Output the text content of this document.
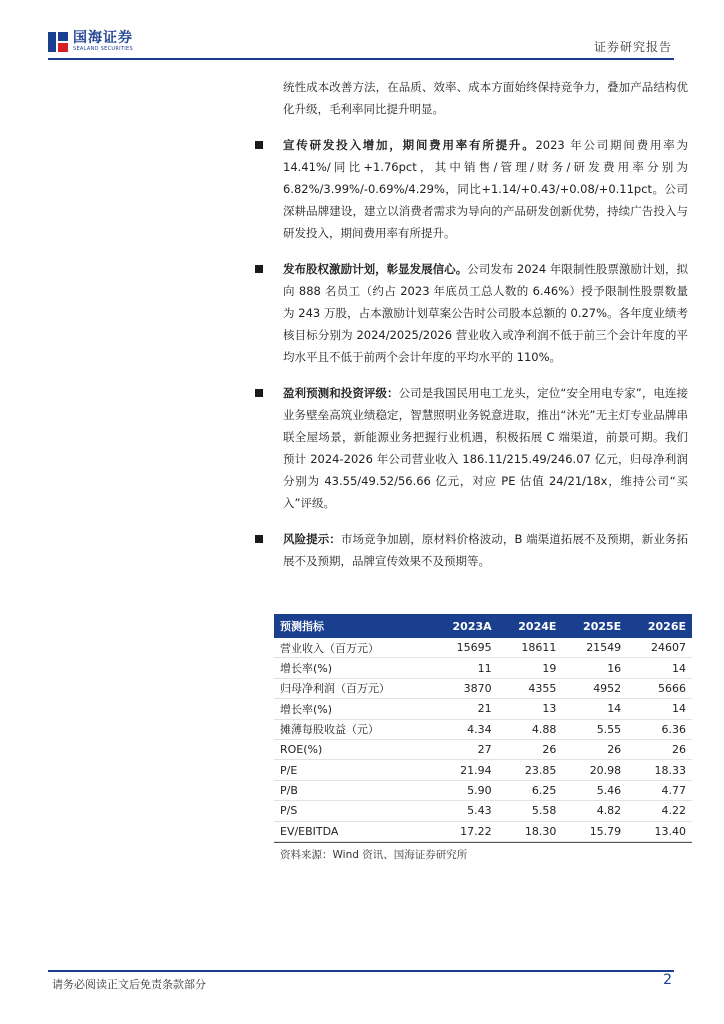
国海证券
SEALAND SECURITIES	证券研究报告

统性成本改善方法，在品质、效率、成本方面始终保持竞争力，叠加产品结构优化升级，毛利率同比提升明显。

宣传研发投入增加，期间费用率有所提升。2023 年公司期间费用率为 14.41%/同比+1.76pct，其中销售/管理/财务/研发费用率分别为 6.82%/3.99%/-0.69%/4.29%，同比+1.14/+0.43/+0.08/+0.11pct。公司深耕品牌建设，建立以消费者需求为导向的产品研发创新优势，持续广告投入与研发投入，期间费用率有所提升。

发布股权激励计划，彰显发展信心。公司发布 2024 年限制性股票激励计划，拟向 888 名员工（约占 2023 年底员工总人数的 6.46%）授予限制性股票数量为 243 万股，占本激励计划草案公告时公司股本总额的 0.27%。各年度业绩考核目标分别为 2024/2025/2026 营业收入或净利润不低于前三个会计年度的平均水平且不低于前两个会计年度的平均水平的 110%。

盈利预测和投资评级：公司是我国民用电工龙头，定位“安全用电专家”，电连接业务壁垒高筑业绩稳定，智慧照明业务锐意进取，推出“沐光”无主灯专业品牌串联全屋场景，新能源业务把握行业机遇，积极拓展 C 端渠道，前景可期。我们预计 2024-2026 年公司营业收入 186.11/215.49/246.07 亿元，归母净利润分别为 43.55/49.52/56.66 亿元，对应 PE 估值 24/21/18x，维持公司“买入”评级。

风险提示：市场竞争加剧，原材料价格波动，B 端渠道拓展不及预期，新业务拓展不及预期，品牌宣传效果不及预期等。

预测指标	2023A	2024E	2025E	2026E
营业收入（百万元）	15695	18611	21549	24607
增长率(%)	11	19	16	14
归母净利润（百万元）	3870	4355	4952	5666
增长率(%)	21	13	14	14
摊薄每股收益（元）	4.34	4.88	5.55	6.36
ROE(%)	27	26	26	26
P/E	21.94	23.85	20.98	18.33
P/B	5.90	6.25	5.46	4.77
P/S	5.43	5.58	4.82	4.22
EV/EBITDA	17.22	18.30	15.79	13.40
资料来源：Wind 资讯、国海证券研究所
请务必阅读正文后免责条款部分	2
